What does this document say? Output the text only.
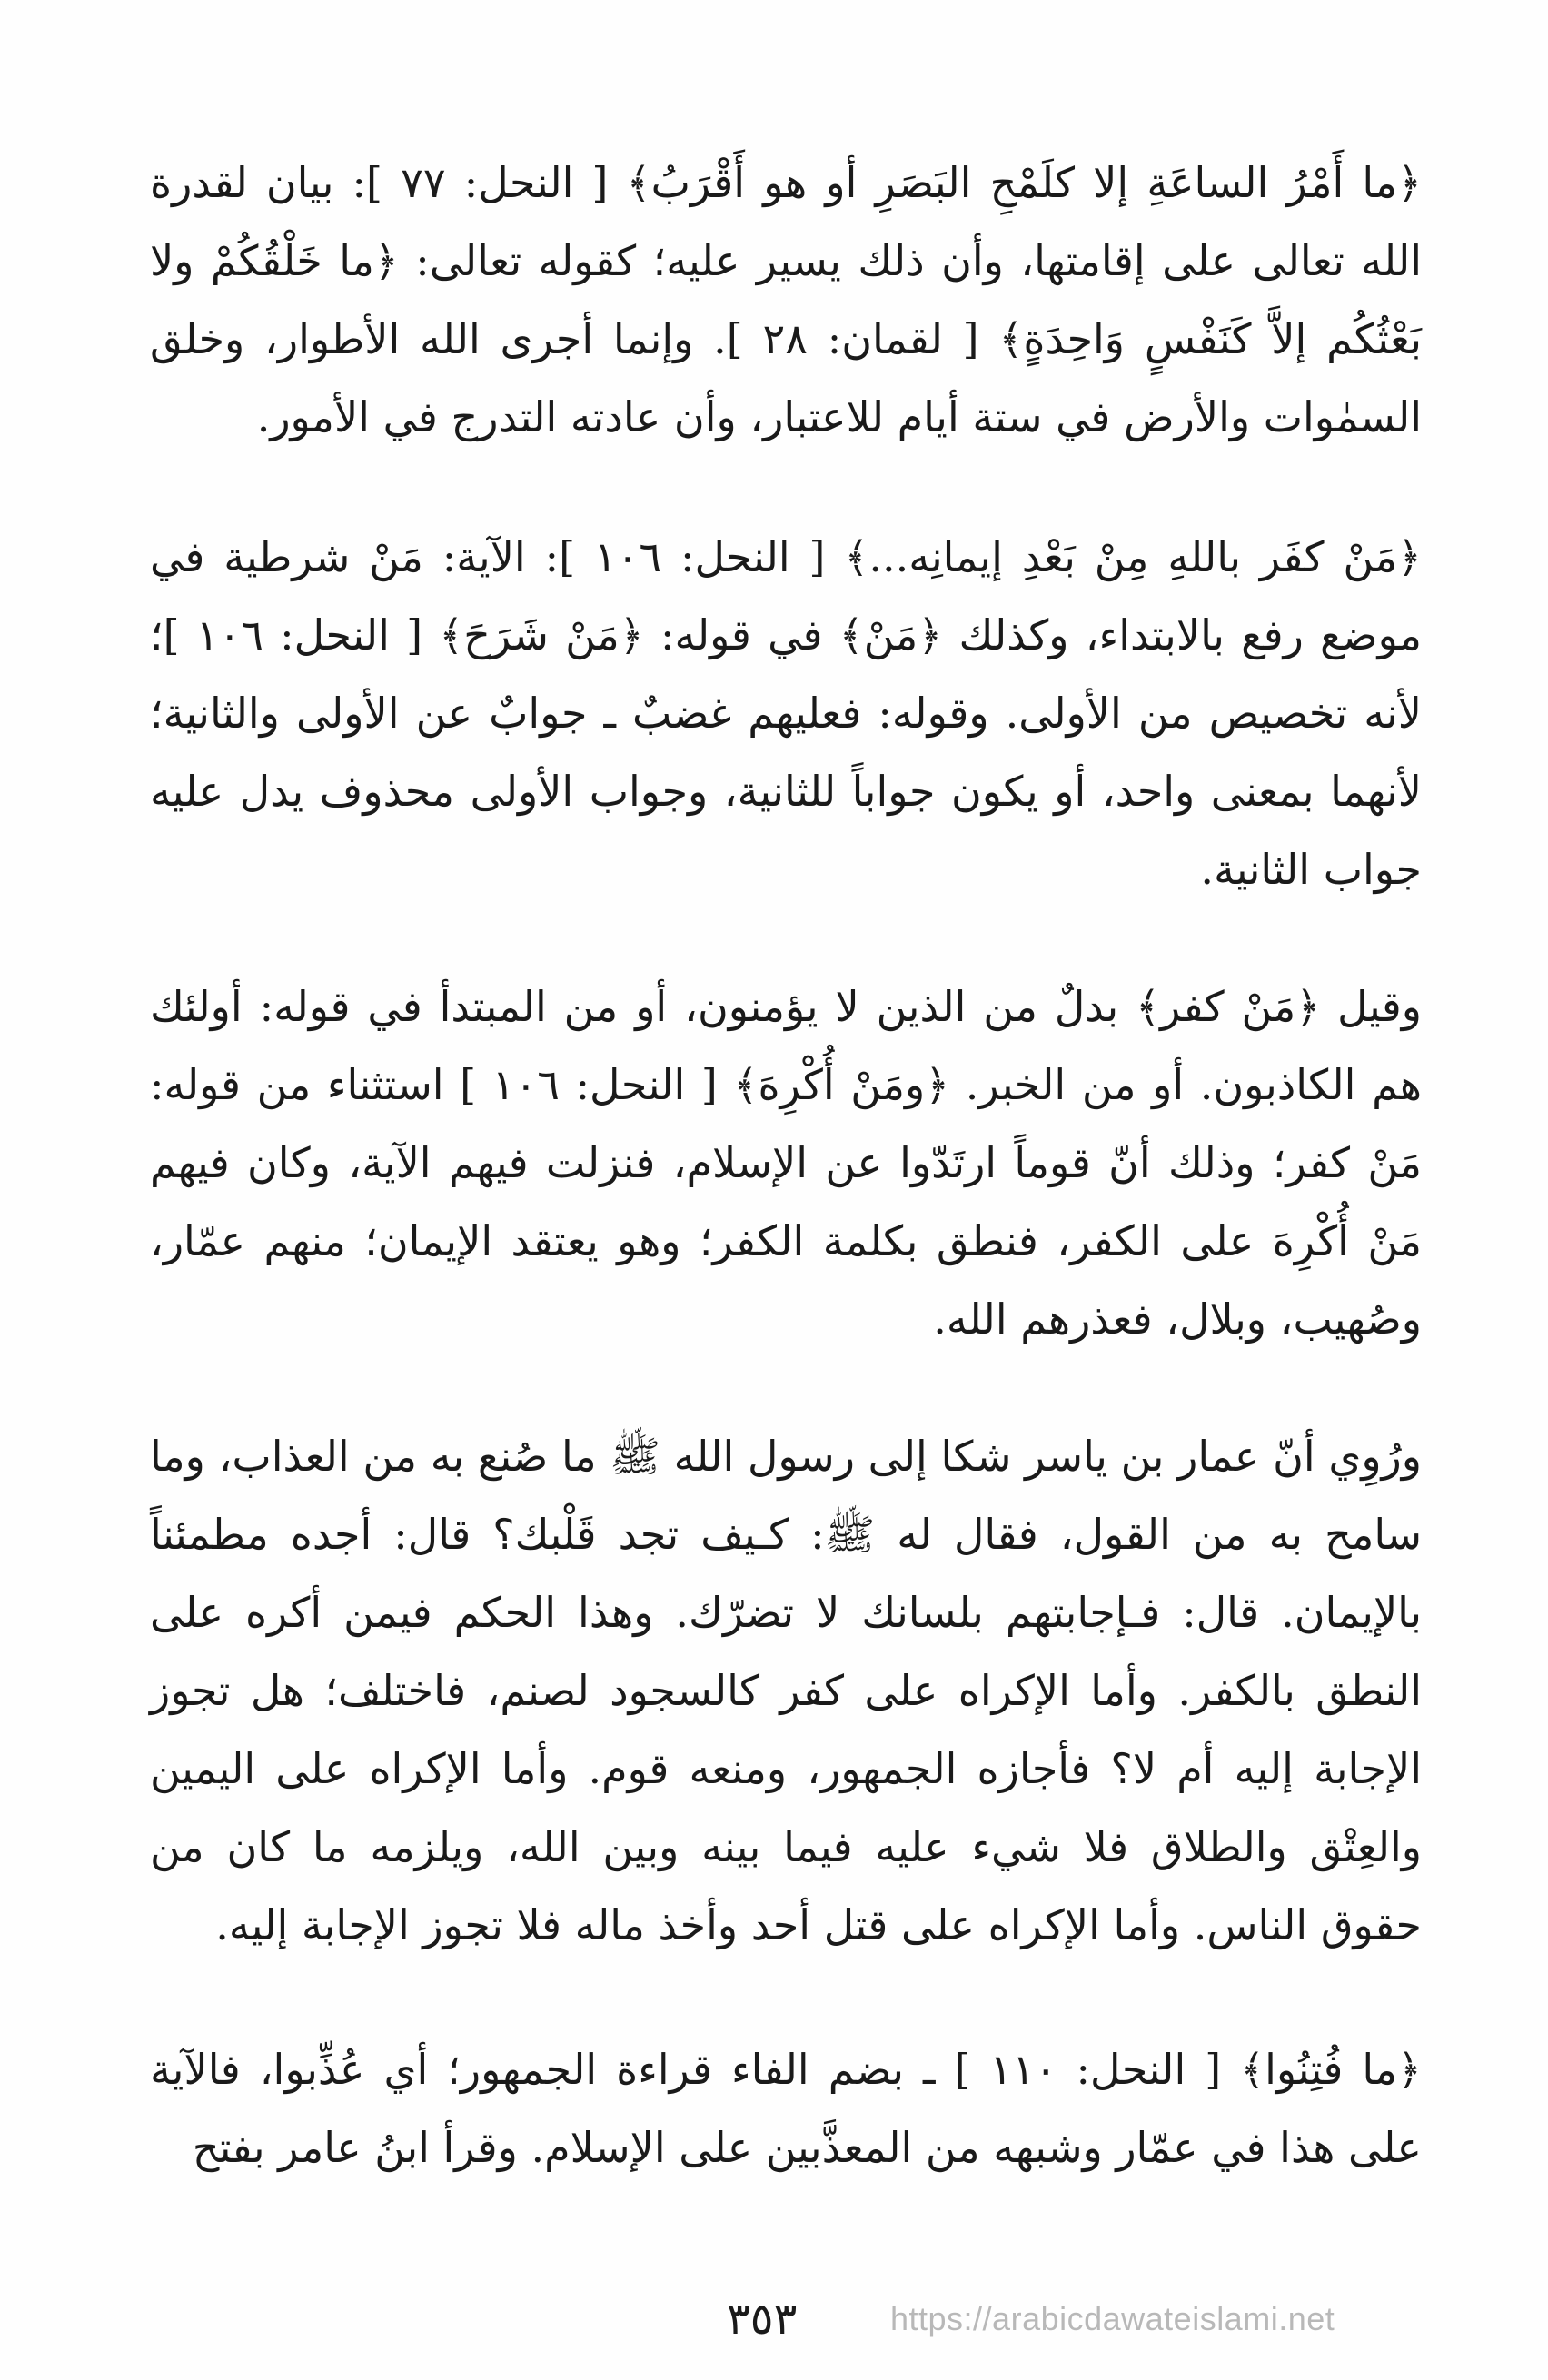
﴿ما أَمْرُ الساعَةِ إلا كلَمْحِ البَصَرِ أو هو أَقْرَبُ﴾ [ النحل: ٧٧ ]: بيان لقدرة الله تعالى على إقامتها، وأن ذلك يسير عليه؛ كقوله تعالى: ﴿ما خَلْقُكُمْ ولا بَعْثُكُم إلاَّ كَنَفْسٍ وَاحِدَةٍ﴾ [ لقمان: ٢٨ ]. وإنما أجرى الله الأطوار، وخلق السمٰوات والأرض في ستة أيام للاعتبار، وأن عادته التدرج في الأمور.

﴿مَنْ كفَر باللهِ مِنْ بَعْدِ إيمانِه...﴾ [ النحل: ١٠٦ ]: الآية: مَنْ شرطية في موضع رفع بالابتداء، وكذلك ﴿مَنْ﴾ في قوله: ﴿مَنْ شَرَحَ﴾ [ النحل: ١٠٦ ]؛ لأنه تخصيص من الأولى. وقوله: فعليهم غضبٌ ـ جوابٌ عن الأولى والثانية؛ لأنهما بمعنى واحد، أو يكون جواباً للثانية، وجواب الأولى محذوف يدل عليه جواب الثانية.

وقيل ﴿مَنْ كفر﴾ بدلٌ من الذين لا يؤمنون، أو من المبتدأ في قوله: أولئك هم الكاذبون. أو من الخبر. ﴿ومَنْ أُكْرِهَ﴾ [ النحل: ١٠٦ ] استثناء من قوله: مَنْ كفر؛ وذلك أنّ قوماً ارتَدّوا عن الإسلام، فنزلت فيهم الآية، وكان فيهم مَنْ أُكْرِهَ على الكفر، فنطق بكلمة الكفر؛ وهو يعتقد الإيمان؛ منهم عمّار، وصُهيب، وبلال، فعذرهم الله.

ورُوِي أنّ عمار بن ياسر شكا إلى رسول الله ﷺ ما صُنع به من العذاب، وما سامح به من القول، فقال له ﷺ: كـيف تجد قَلْبك؟ قال: أجده مطمئناً بالإيمان. قال: فـإجابتهم بلسانك لا تضرّك. وهذا الحكم فيمن أكره على النطق بالكفر. وأما الإكراه على كفر كالسجود لصنم، فاختلف؛ هل تجوز الإجابة إليه أم لا؟ فأجازه الجمهور، ومنعه قوم. وأما الإكراه على اليمين والعِتْق والطلاق فلا شيء عليه فيما بينه وبين الله، ويلزمه ما كان من حقوق الناس. وأما الإكراه على قتل أحد وأخذ ماله فلا تجوز الإجابة إليه.

﴿ما فُتِنُوا﴾ [ النحل: ١١٠ ] ـ بضم الفاء قراءة الجمهور؛ أي عُذِّبوا، فالآية على هذا في عمّار وشبهه من المعذَّبين على الإسلام. وقرأ ابنُ عامر بفتح

٣٥٣	https://arabicdawateislami.net
